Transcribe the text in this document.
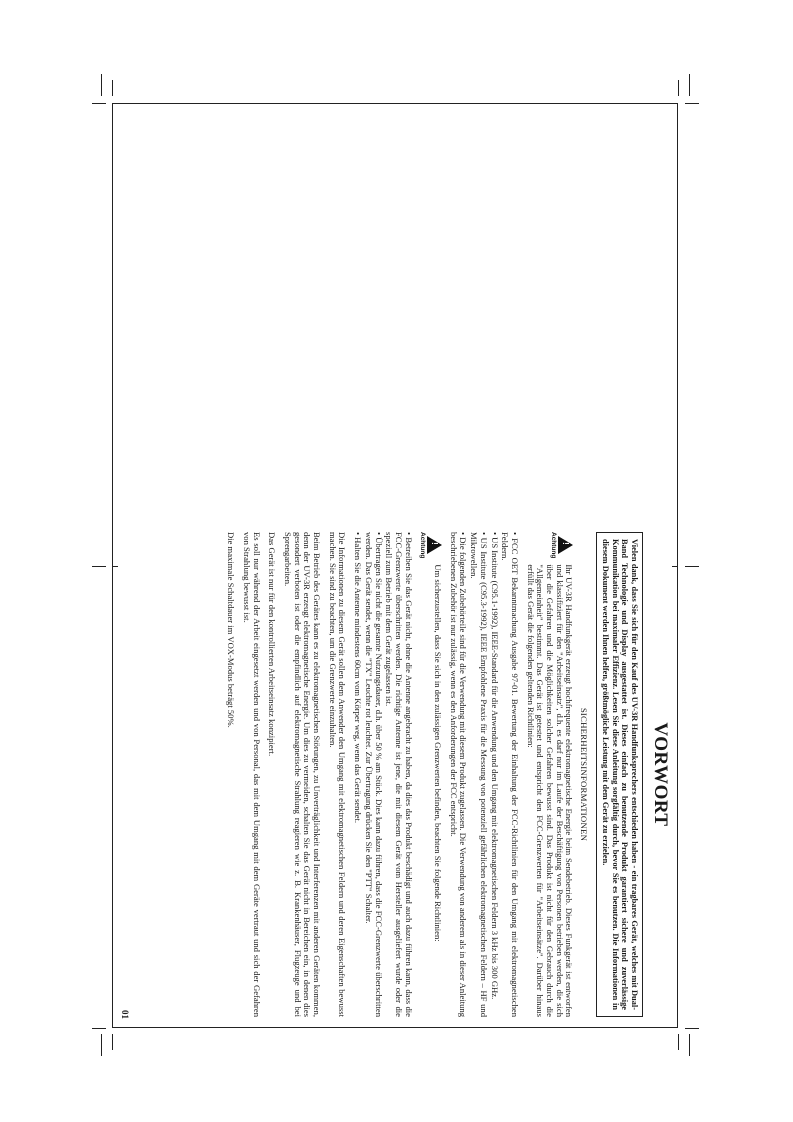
VORWORT
Vielen dank, dass Sie sich für den Kauf des UV-3R Handfunksprechers entschieden haben - ein tragbares Gerät, welches mit Dual-Band Technologie und Display ausgestattet ist. Dieses einfach zu benutzende Produkt garantiert sichere und zuverlässige Kommunikation bei maximaler Effizienz. Lesen Sie diese Anleitung sorgfältig durch, bevor Sie es benutzen. Die Informationen in diesem Dokument werden Ihnen helfen, größtmögliche Leistung mit dem Gerät zu erzielen.
SICHERHEITSINFORMATIONEN
!
Achtung
Ihr UV-3R Handfunkgerät erzeugt hochfrequente elektromagnetische Energie beim Sendebetrieb. Dieses Funkgerät ist entworfen und klassifiziert für den "Arbeitseinsatz", d.h. es darf nur im Laufe der Beschäftigung von Personen betrieben werden, die sich über die Gefahren und die Möglichkeiten solcher Gefahren bewusst sind. Das Produkt ist nicht für den Gebrauch durch die "Allgemeinheit" bestimmt. Das Gerät ist getestet und entspricht den FCC-Grenzwerten für "Arbeitseinsätze". Darüber hinaus erfüllt das Gerät die folgenden geltenden Richtlinien:

• FCC OET Bekanntmachung Ausgabe 97-01. Bewertung der Einhaltung der FCC-Richtlinien für den Umgang mit elektromagnetischen Feldern.

• US Institute (C95.1-1992), IEEE-Standard für die Anwendung und den Umgang mit elektromagnetischen Feldern 3 kHz bis 300 GHz.

• US Institute (C95.3-1992), IEEE Empfohlene Praxis für die Messung von potenziell gefährlichen elektromagnetischen Feldern – HF und Mikrowellen.

• Die folgenden Zubehörteile sind für die Verwendung mit diesem Produkt zugelassen. Die Verwendung von anderem als in dieser Anleitung beschriebenen Zubehör ist nur zulässig, wenn es den Anforderungen der FCC entspricht.

!
Achtung
Um sicherzustellen, dass Sie sich in den zulässigen Grenzwerten befinden, beachten Sie folgende Richtlinien:

• Betreiben Sie das Gerät nicht, ohne die Antenne angebracht zu haben, da dies das Produkt beschädigt und auch dazu führen kann, dass die FCC-Grenzwerte überschritten werden. Die richtige Antenne ist jene, die mit diesem Gerät vom Hersteller ausgeliefert wurde oder die speziell zum Betrieb mit dem Gerät zugelassen ist.

• Übertragen Sie nicht die gesamte Nutzungsdauer, d.h. über 50 % am Stück. Dies kann dazu führen, dass die FCC-Grenzwerte überschritten werden. Das Gerät sendet, wenn die "TX" Leuchte rot leuchtet. Zur Übertragung drücken Sie den "PTT" Schalter.

• Halten Sie die Antenne mindestens 60cm vom Körper weg, wenn das Gerät sendet.

Die Informationen zu diesem Gerät sollen dem Anwender den Umgang mit elektromagnetischen Feldern und deren Eigenschaften bewusst machen. Sie sind zu beachten, um die Grenzwerte einzuhalten.

Beim Betrieb des Gerätes kann es zu elektromagnetischen Störungen, zu Unverträglichkeit und Interferenzen mit anderen Geräten kommen, denn der UV-3R erzeugt elektromagnetische Energie. Um dies zu vermeiden, schalten Sie das Gerät nicht in Bereichen ein, in denen dies gesondert verboten ist oder die empfindlich auf elektromagnetische Strahlung reagieren wie z. B. Krankenhäuser, Flugzeuge und bei Sprengarbeiten.

Das Gerät ist nur für den kontrollierten Arbeitseinsatz konzipiert.

Es soll nur während der Arbeit eingesetzt werden und von Personal, das mit dem Umgang mit dem Geräte vertraut und sich der Gefahren von Strahlung bewusst ist.

Die maximale Schaltdauer im VOX-Modus beträgt 50%.

01
